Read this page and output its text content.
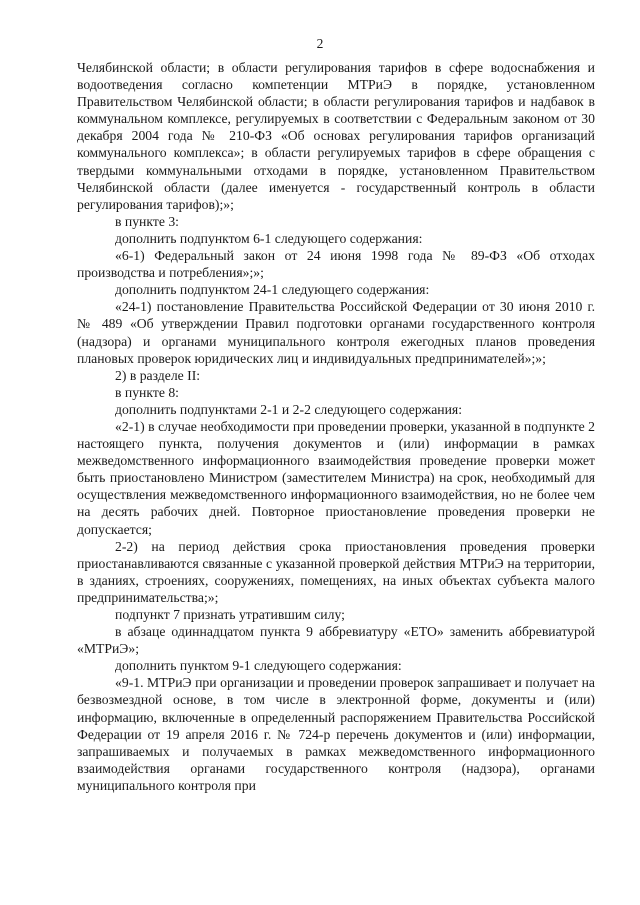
2

Челябинской области; в области регулирования тарифов в сфере водоснабжения и водоотведения согласно компетенции МТРиЭ в порядке, установленном Правительством Челябинской области; в области регулирования тарифов и надбавок в коммунальном комплексе, регулируемых в соответствии с Федеральным законом от 30 декабря 2004 года № 210-ФЗ «Об основах регулирования тарифов организаций коммунального комплекса»; в области регулируемых тарифов в сфере обращения с твердыми коммунальными отходами в порядке, установленном Правительством Челябинской области (далее именуется - государственный контроль в области регулирования тарифов);»;

в пункте 3:

дополнить подпунктом 6-1 следующего содержания:

«6-1) Федеральный закон от 24 июня 1998 года № 89-ФЗ «Об отходах производства и потребления»;»;

дополнить подпунктом 24-1 следующего содержания:

«24-1) постановление Правительства Российской Федерации от 30 июня 2010 г. № 489 «Об утверждении Правил подготовки органами государственного контроля (надзора) и органами муниципального контроля ежегодных планов проведения плановых проверок юридических лиц и индивидуальных предпринимателей»;»;

2) в разделе II:

в пункте 8:

дополнить подпунктами 2-1 и 2-2 следующего содержания:

«2-1) в случае необходимости при проведении проверки, указанной в подпункте 2 настоящего пункта, получения документов и (или) информации в рамках межведомственного информационного взаимодействия проведение проверки может быть приостановлено Министром (заместителем Министра) на срок, необходимый для осуществления межведомственного информационного взаимодействия, но не более чем на десять рабочих дней. Повторное приостановление проведения проверки не допускается;

2-2) на период действия срока приостановления проведения проверки приостанавливаются связанные с указанной проверкой действия МТРиЭ на территории, в зданиях, строениях, сооружениях, помещениях, на иных объектах субъекта малого предпринимательства;»;

подпункт 7 признать утратившим силу;

в абзаце одиннадцатом пункта 9 аббревиатуру «ЕТО» заменить аббревиатурой «МТРиЭ»;

дополнить пунктом 9-1 следующего содержания:

«9-1. МТРиЭ при организации и проведении проверок запрашивает и получает на безвозмездной основе, в том числе в электронной форме, документы и (или) информацию, включенные в определенный распоряжением Правительства Российской Федерации от 19 апреля 2016 г. № 724-р перечень документов и (или) информации, запрашиваемых и получаемых в рамках межведомственного информационного взаимодействия органами государственного контроля (надзора), органами муниципального контроля при
